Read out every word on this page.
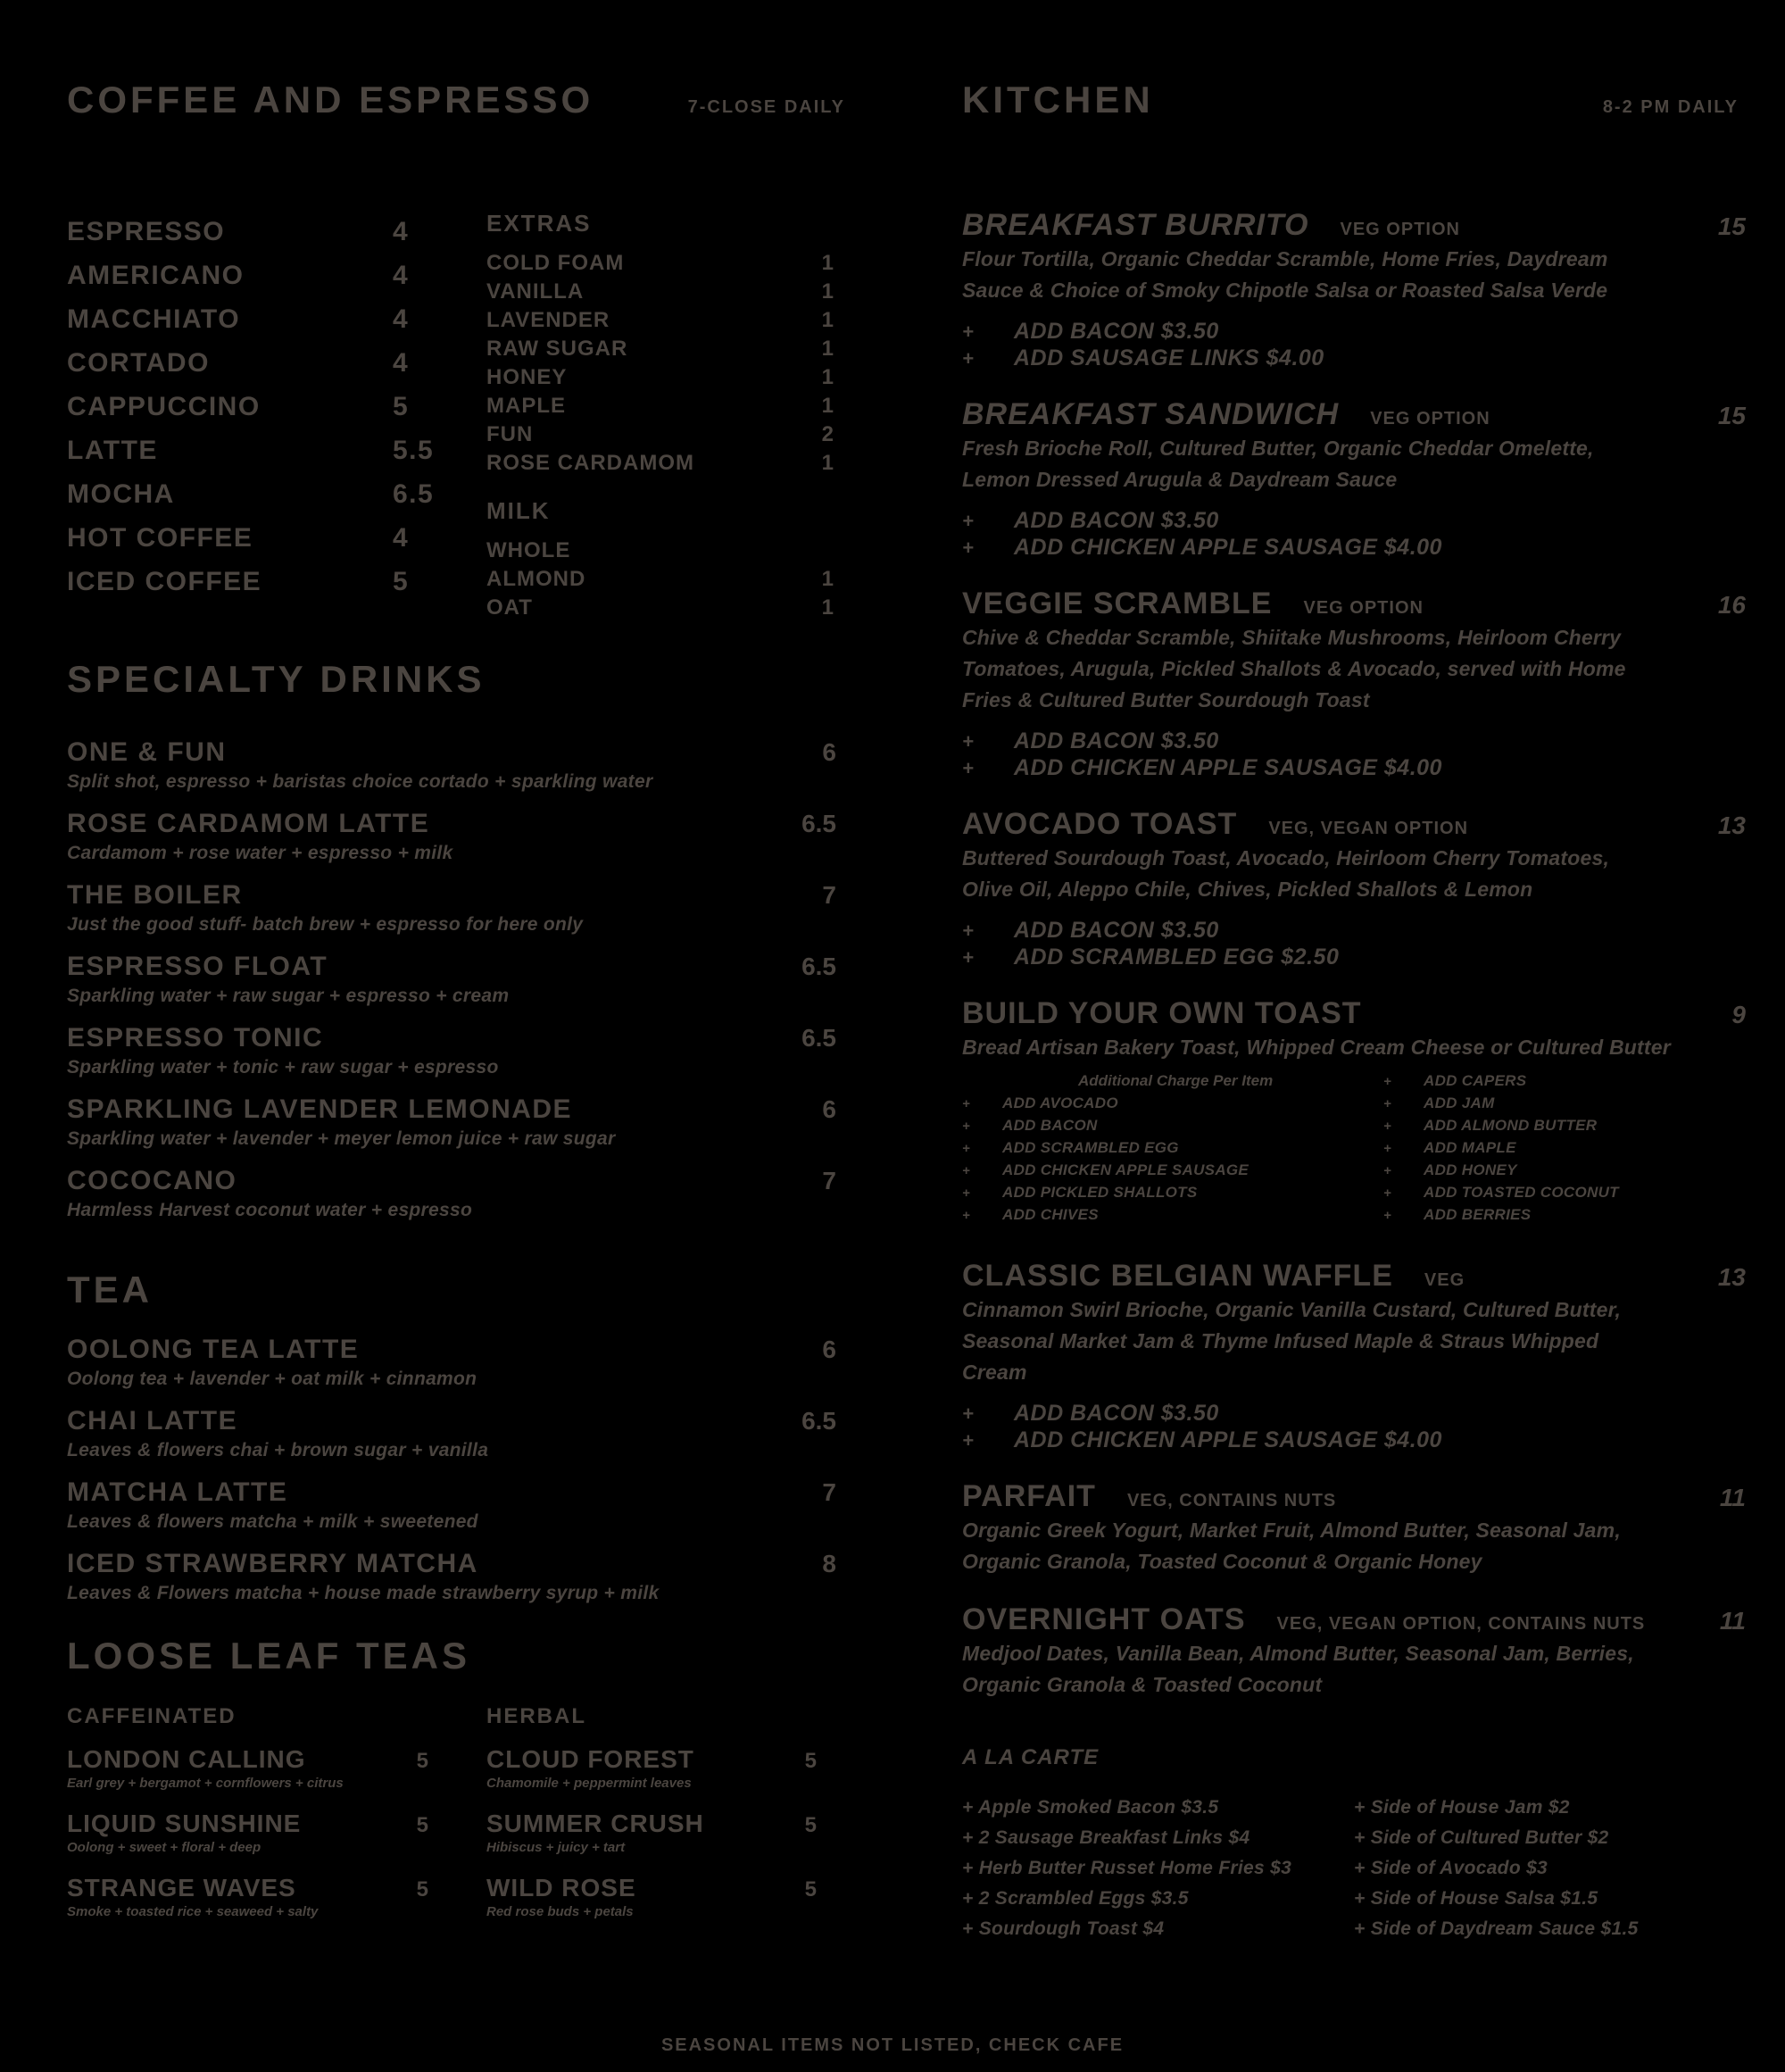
COFFEE AND ESPRESSO	7-CLOSE DAILY
ESPRESSO	4
AMERICANO	4
MACCHIATO	4
CORTADO	4
CAPPUCCINO	5
LATTE	5.5
MOCHA	6.5
HOT COFFEE	4
ICED COFFEE	5
EXTRAS
COLD FOAM	1
VANILLA	1
LAVENDER	1
RAW SUGAR	1
HONEY	1
MAPLE	1
FUN	2
ROSE CARDAMOM	1
MILK
WHOLE
ALMOND	1
OAT	1
SPECIALTY DRINKS
ONE & FUN	6
Split shot, espresso + baristas choice cortado + sparkling water
ROSE CARDAMOM LATTE	6.5
Cardamom + rose water + espresso + milk
THE BOILER	7
Just the good stuff- batch brew + espresso for here only
ESPRESSO FLOAT	6.5
Sparkling water + raw sugar + espresso + cream
ESPRESSO TONIC	6.5
Sparkling water + tonic + raw sugar + espresso
SPARKLING LAVENDER LEMONADE	6
Sparkling water + lavender + meyer lemon juice + raw sugar
COCOCANO	7
Harmless Harvest coconut water + espresso
TEA
OOLONG TEA LATTE	6
Oolong tea + lavender + oat milk + cinnamon
CHAI LATTE	6.5
Leaves & flowers chai + brown sugar + vanilla
MATCHA LATTE	7
Leaves & flowers matcha + milk + sweetened
ICED STRAWBERRY MATCHA	8
Leaves & Flowers matcha + house made strawberry syrup + milk
LOOSE LEAF TEAS
CAFFEINATED
LONDON CALLING	5
Earl grey + bergamot + cornflowers + citrus
LIQUID SUNSHINE	5
Oolong + sweet + floral + deep
STRANGE WAVES	5
Smoke + toasted rice + seaweed + salty
HERBAL
CLOUD FOREST	5
Chamomile + peppermint leaves
SUMMER CRUSH	5
Hibiscus + juicy + tart
WILD ROSE	5
Red rose buds + petals
KITCHEN	8-2 PM DAILY
BREAKFAST BURRITO VEG OPTION	15
Flour Tortilla, Organic Cheddar Scramble, Home Fries, Daydream Sauce & Choice of Smoky Chipotle Salsa or Roasted Salsa Verde
+	ADD BACON $3.50
+	ADD SAUSAGE LINKS $4.00
BREAKFAST SANDWICH VEG OPTION	15
Fresh Brioche Roll, Cultured Butter, Organic Cheddar Omelette, Lemon Dressed Arugula & Daydream Sauce
+	ADD BACON $3.50
+	ADD CHICKEN APPLE SAUSAGE $4.00
VEGGIE SCRAMBLE VEG OPTION	16
Chive & Cheddar Scramble, Shiitake Mushrooms, Heirloom Cherry Tomatoes, Arugula, Pickled Shallots & Avocado, served with Home Fries & Cultured Butter Sourdough Toast
+	ADD BACON $3.50
+	ADD CHICKEN APPLE SAUSAGE $4.00
AVOCADO TOAST VEG, VEGAN OPTION	13
Buttered Sourdough Toast, Avocado, Heirloom Cherry Tomatoes, Olive Oil, Aleppo Chile, Chives, Pickled Shallots & Lemon
+	ADD BACON $3.50
+	ADD SCRAMBLED EGG $2.50
BUILD YOUR OWN TOAST	9
Bread Artisan Bakery Toast, Whipped Cream Cheese or Cultured Butter
Additional Charge Per Item
+	ADD AVOCADO
+	ADD BACON
+	ADD SCRAMBLED EGG
+	ADD CHICKEN APPLE SAUSAGE
+	ADD PICKLED SHALLOTS
+	ADD CHIVES
+	ADD CAPERS
+	ADD JAM
+	ADD ALMOND BUTTER
+	ADD MAPLE
+	ADD HONEY
+	ADD TOASTED COCONUT
+	ADD BERRIES
CLASSIC BELGIAN WAFFLE VEG	13
Cinnamon Swirl Brioche, Organic Vanilla Custard, Cultured Butter, Seasonal Market Jam & Thyme Infused Maple & Straus Whipped Cream
+	ADD BACON $3.50
+	ADD CHICKEN APPLE SAUSAGE $4.00
PARFAIT VEG, CONTAINS NUTS	11
Organic Greek Yogurt, Market Fruit, Almond Butter, Seasonal Jam, Organic Granola, Toasted Coconut & Organic Honey
OVERNIGHT OATS VEG, VEGAN OPTION, CONTAINS NUTS	11
Medjool Dates, Vanilla Bean, Almond Butter, Seasonal Jam, Berries, Organic Granola & Toasted Coconut
A LA CARTE
+ Apple Smoked Bacon $3.5
+ 2 Sausage Breakfast Links $4
+ Herb Butter Russet Home Fries $3
+ 2 Scrambled Eggs $3.5
+ Sourdough Toast $4
+ Side of House Jam $2
+ Side of Cultured Butter $2
+ Side of Avocado $3
+ Side of House Salsa $1.5
+ Side of Daydream Sauce $1.5
SEASONAL ITEMS NOT LISTED, CHECK CAFE
